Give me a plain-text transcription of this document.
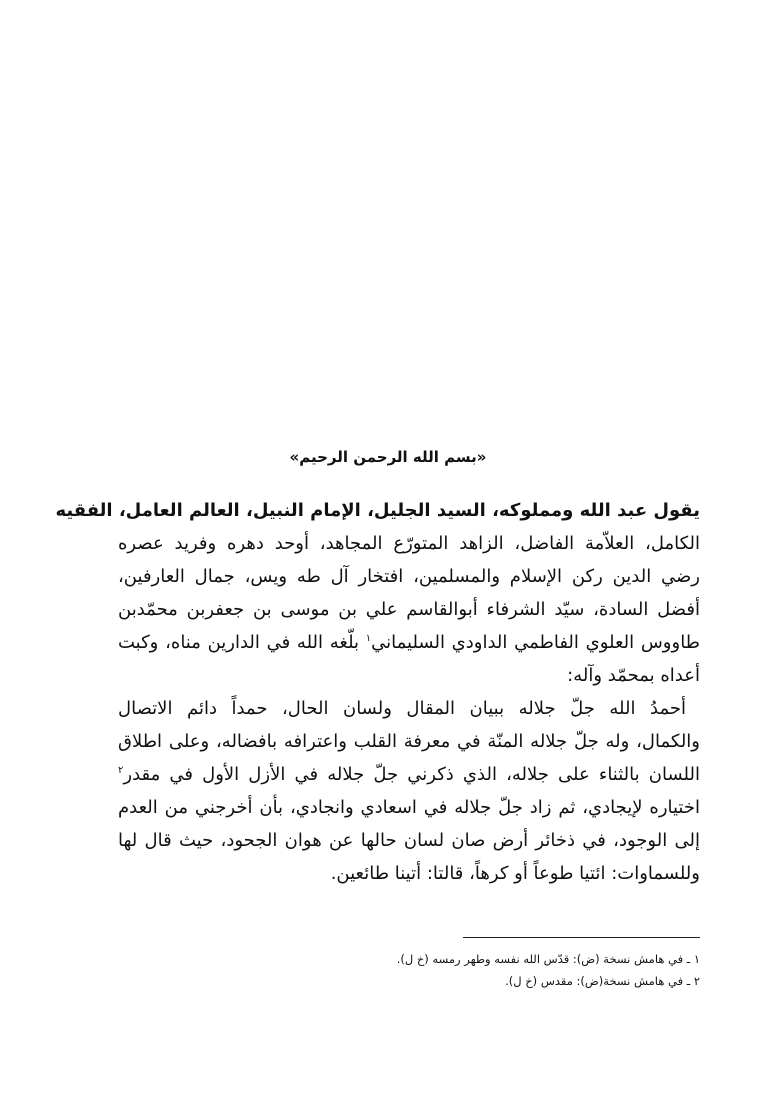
«بسم الله الرحمن الرحيم»

يقول عبد الله ومملوكه، السيد الجليل، الإمام النبيل، العالم العامل، الفقيه
الكامل، العلاّمة الفاضل، الزاهد المتورّع المجاهد، أوحد دهره وفريد عصره
رضي الدين ركن الإسلام والمسلمين، افتخار آل طه ويس، جمال العارفين،
أفضل السادة، سيّد الشرفاء أبوالقاسم علي بن موسى بن جعفربن محمّدبن
طاووس العلوي الفاطمي الداودي السليماني$^١$ بلّغه الله في الدارين مناه، وكبت
أعداه بمحمّد وآله:

أحمدُ الله جلّ جلاله ببيان المقال ولسان الحال، حمداً دائم الاتصال
والكمال، وله جلّ جلاله المنّة في معرفة القلب واعترافه بافضاله، وعلى اطلاق
اللسان بالثناء على جلاله، الذي ذكرني جلّ جلاله في الأزل الأول في مقدر$^٢$
اختياره لإيجادي، ثم زاد جلّ جلاله في اسعادي وانجادي، بأن أخرجني من العدم
إلى الوجود، في ذخائر أرض صان لسان حالها عن هوان الجحود، حيث قال لها
وللسماوات: ائتيا طوعاً أو كرهاً، قالتا: أتينا طائعين.

١ ـ في هامش نسخة (ض): قدّس الله نفسه وطهر رمسه (خ ل).
٢ ـ في هامش نسخة(ض): مقدس (خ ل).
